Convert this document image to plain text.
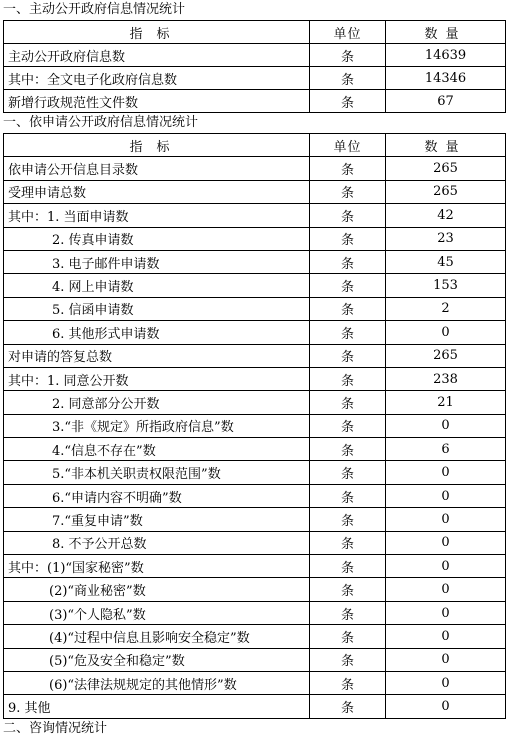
一、主动公开政府信息情况统计
指标	单位	数量
主动公开政府信息数	条	14639
其中：全文电子化政府信息数	条	14346
新增行政规范性文件数	条	67
一、依申请公开政府信息情况统计
指标	单位	数量
依申请公开信息目录数	条	265
受理申请总数	条	265
其中：1. 当面申请数	条	42
2. 传真申请数	条	23
3. 电子邮件申请数	条	45
4. 网上申请数	条	153
5. 信函申请数	条	2
6. 其他形式申请数	条	0
对申请的答复总数	条	265
其中：1. 同意公开数	条	238
2. 同意部分公开数	条	21
3.“非《规定》所指政府信息”数	条	0
4.“信息不存在”数	条	6
5.“非本机关职责权限范围”数	条	0
6.“申请内容不明确”数	条	0
7.“重复申请”数	条	0
8. 不予公开总数	条	0
其中：(1)“国家秘密”数	条	0
(2)“商业秘密”数	条	0
(3)“个人隐私”数	条	0
(4)“过程中信息且影响安全稳定”数	条	0
(5)“危及安全和稳定”数	条	0
(6)“法律法规规定的其他情形”数	条	0
9. 其他	条	0
二、咨询情况统计
